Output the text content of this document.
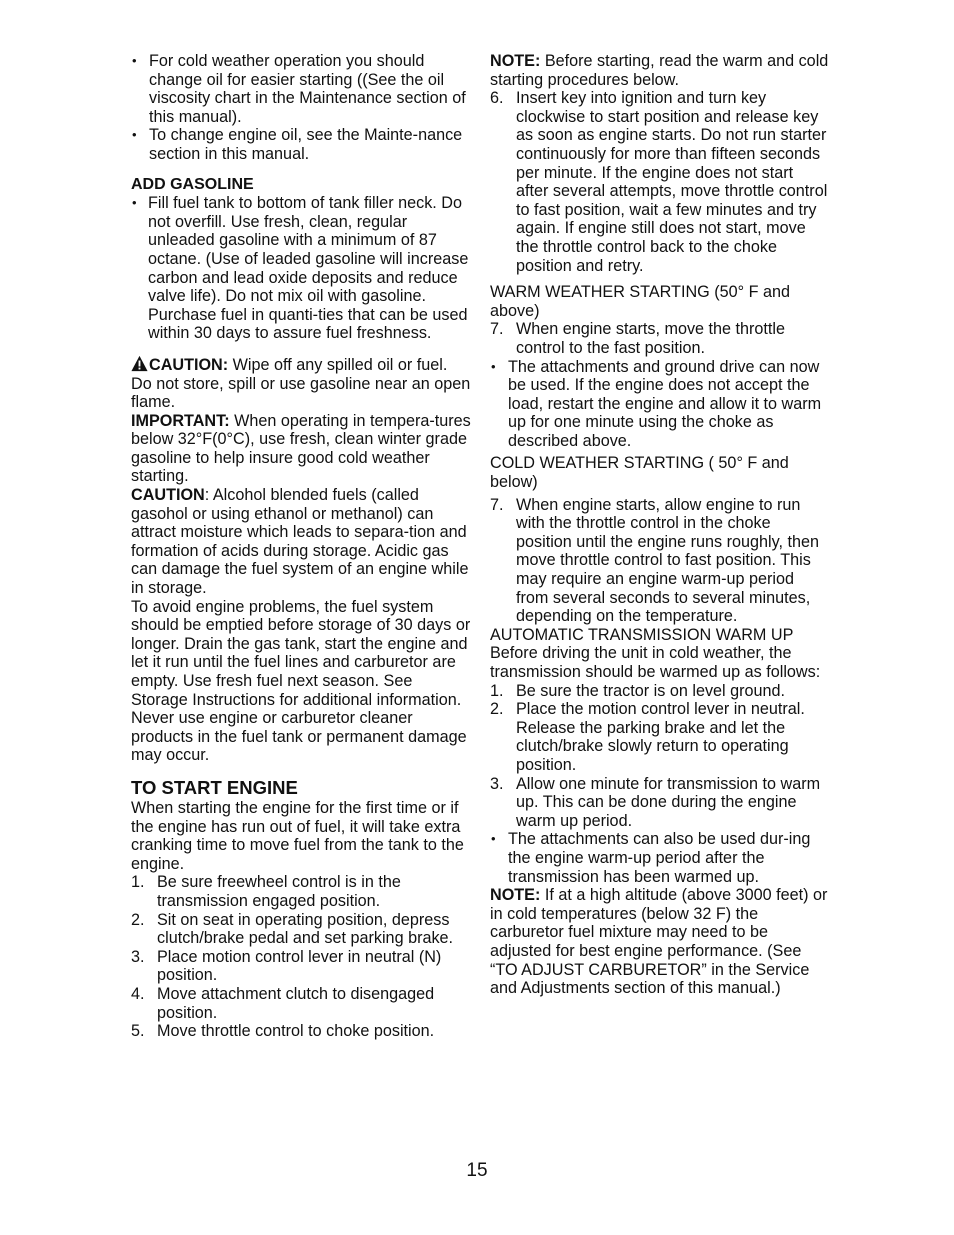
• For cold weather operation you should change oil for easier starting ((See the oil viscosity chart in the Maintenance section of this manual).

• To change engine oil, see the Mainte-nance section in this manual.

ADD GASOLINE

• Fill fuel tank to bottom of tank filler neck. Do not overfill. Use fresh, clean, regular unleaded gasoline with a minimum of 87 octane. (Use of leaded gasoline will increase carbon and lead oxide deposits and reduce valve life). Do not mix oil with gasoline. Purchase fuel in quanti-ties that can be used within 30 days to assure fuel freshness.

CAUTION: Wipe off any spilled oil or fuel. Do not store, spill or use gasoline near an open flame.

IMPORTANT: When operating in tempera-tures below 32°F(0°C), use fresh, clean winter grade gasoline to help insure good cold weather starting.

CAUTION: Alcohol blended fuels (called gasohol or using ethanol or methanol) can attract moisture which leads to separa-tion and formation of acids during storage. Acidic gas can damage the fuel system of an engine while in storage.

To avoid engine problems, the fuel system should be emptied before storage of 30 days or longer. Drain the gas tank, start the engine and let it run until the fuel lines and carburetor are empty. Use fresh fuel next season. See Storage Instructions for additional information.

Never use engine or carburetor cleaner products in the fuel tank or permanent damage may occur.

TO START ENGINE

When starting the engine for the first time or if the engine has run out of fuel, it will take extra cranking time to move fuel from the tank to the engine.

1. Be sure freewheel control is in the transmission engaged position.
2. Sit on seat in operating position, depress clutch/brake pedal and set parking brake.
3. Place motion control lever in neutral (N) position.
4. Move attachment clutch to disengaged position.
5. Move throttle control to choke position.

NOTE: Before starting, read the warm and cold starting procedures below.

6. Insert key into ignition and turn key clockwise to start position and release key as soon as engine starts. Do not run starter continuously for more than fifteen seconds per minute. If the engine does not start after several attempts, move throttle control to fast position, wait a few minutes and try again. If engine still does not start, move the throttle control back to the choke position and retry.

WARM WEATHER STARTING (50° F and above)

7. When engine starts, move the throttle control to the fast position.

• The attachments and ground drive can now be used. If the engine does not accept the load, restart the engine and allow it to warm up for one minute using the choke as described above.

COLD WEATHER STARTING ( 50° F and below)

7. When engine starts, allow engine to run with the throttle control in the choke position until the engine runs roughly, then move throttle control to fast position. This may require an engine warm-up period from several seconds to several minutes, depending on the temperature.

AUTOMATIC TRANSMISSION WARM UP

Before driving the unit in cold weather, the transmission should be warmed up as follows:

1. Be sure the tractor is on level ground.
2. Place the motion control lever in neutral. Release the parking brake and let the clutch/brake slowly return to operating position.
3. Allow one minute for transmission to warm up. This can be done during the engine warm up period.

• The attachments can also be used dur-ing the engine warm-up period after the transmission has been warmed up.

NOTE: If at a high altitude (above 3000 feet) or in cold temperatures (below 32 F) the carburetor fuel mixture may need to be adjusted for best engine performance. (See “TO ADJUST CARBURETOR” in the Service and Adjustments section of this manual.)

15
